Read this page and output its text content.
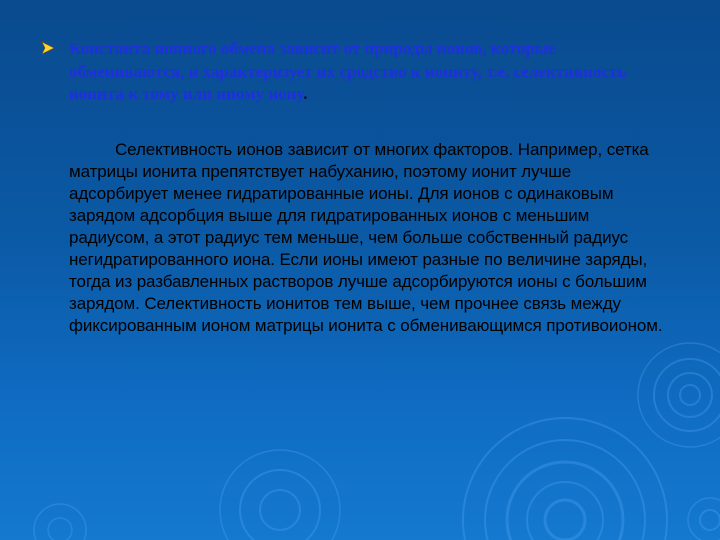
Константа ионного обмена зависит от природы ионов, которые обмениваются, и характеризует их сродство к иониту, т.е. селективность ионита к тому или иному иону.
Селективность ионов зависит от многих факторов. Например, сетка матрицы ионита препятствует набуханию, поэтому ионит лучше адсорбирует менее гидратированные ионы. Для ионов с одинаковым зарядом адсорбция выше для гидратированных ионов с меньшим радиусом, а этот радиус тем меньше, чем больше собственный радиус негидратированного иона. Если ионы имеют разные по величине заряды, тогда из разбавленных растворов лучше адсорбируются ионы с большим зарядом. Селективность ионитов тем выше, чем прочнее связь между фиксированным ионом матрицы ионита с обменивающимся противоионом.
